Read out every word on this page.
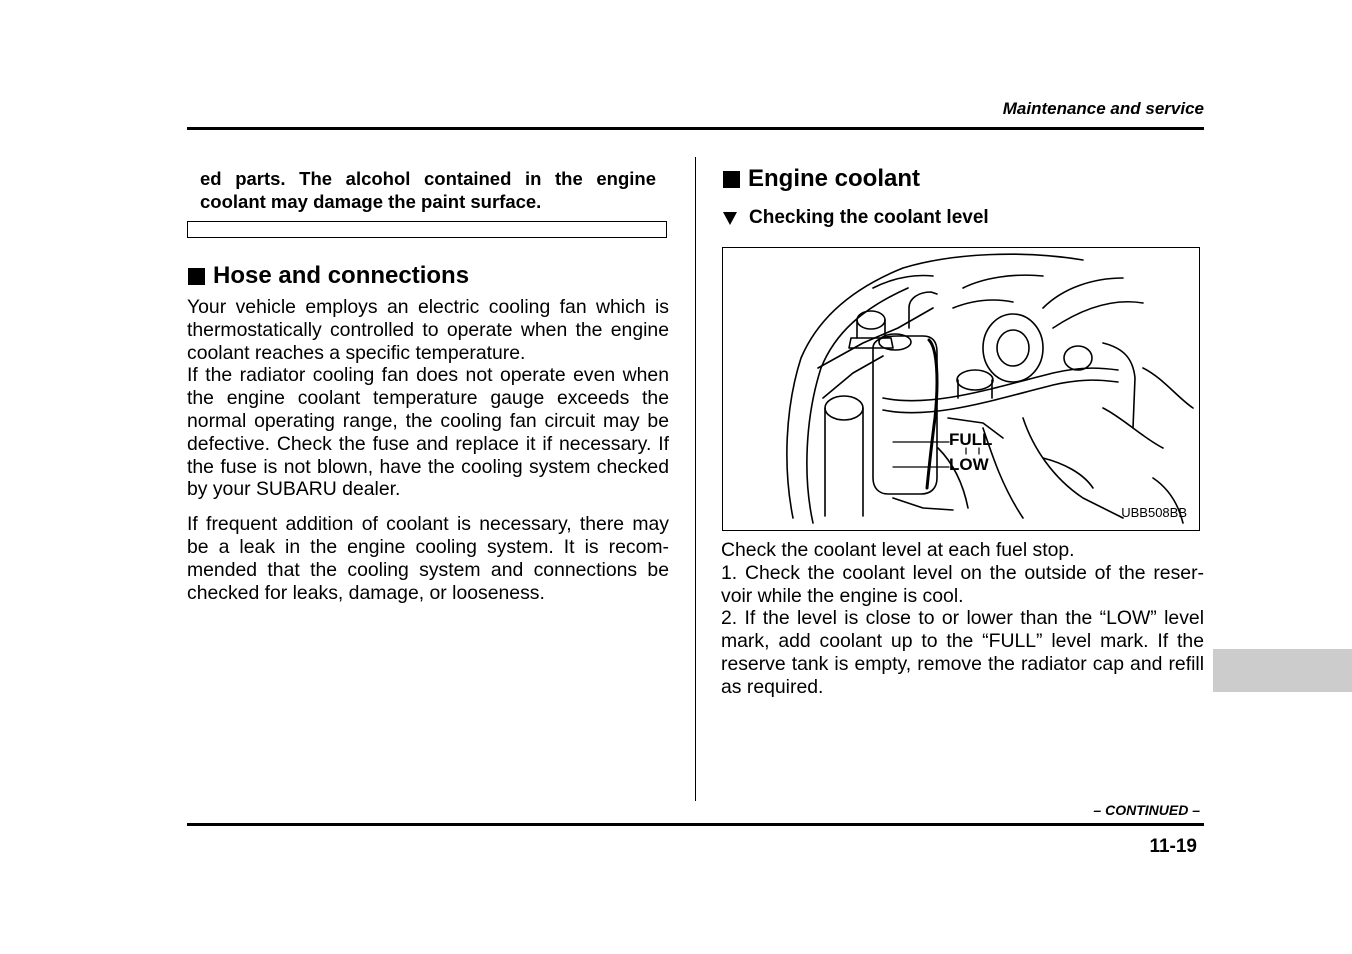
Maintenance and service
ed parts. The alcohol contained in the engine coolant may damage the paint surface.
Hose and connections

Your vehicle employs an electric cooling fan which is thermostatically controlled to operate when the engine coolant reaches a specific temperature.

If the radiator cooling fan does not operate even when the engine coolant temperature gauge exceeds the normal operating range, the cooling fan circuit may be defective. Check the fuse and replace it if necessary. If the fuse is not blown, have the cooling system checked by your SUBARU dealer.

If frequent addition of coolant is necessary, there may be a leak in the engine cooling system. It is recommended that the cooling system and connections be checked for leaks, damage, or looseness.

Engine coolant
Checking the coolant level
FULL
LOW
UBB508BB

Check the coolant level at each fuel stop.

1. Check the coolant level on the outside of the reservoir while the engine is cool.

2. If the level is close to or lower than the “LOW” level mark, add coolant up to the “FULL” level mark. If the reserve tank is empty, remove the radiator cap and refill as required.

– CONTINUED –
11-19
